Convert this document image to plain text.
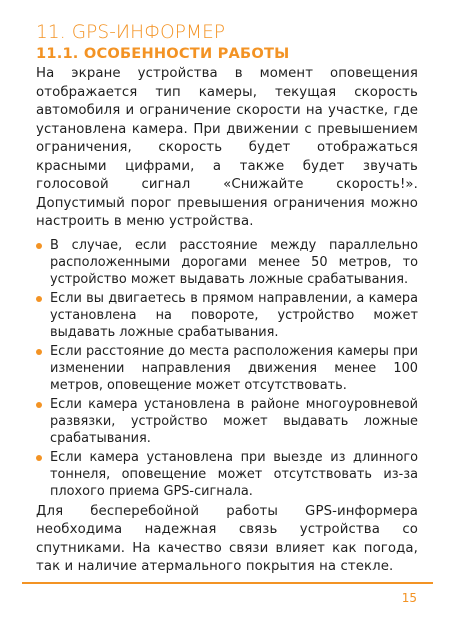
11. GPS-ИНФОРМЕР
11.1. ОСОБЕННОСТИ РАБОТЫ

На экране устройства в момент оповещения отображается тип камеры, текущая скорость автомобиля и ограничение скорости на участке, где установлена камера. При движении с превышением ограничения, скорость будет отображаться красными цифрами, а также будет звучать голосовой сигнал «Снижайте скорость!». Допустимый порог превышения ограничения можно настроить в меню устройства.

В случае, если расстояние между параллельно расположенными дорогами менее 50 метров, то устройство может выдавать ложные срабатывания.
Если вы двигаетесь в прямом направлении, а камера установлена на повороте, устройство может выдавать ложные срабатывания.
Если расстояние до места расположения камеры при изменении направления движения менее 100 метров, оповещение может отсутствовать.
Если камера установлена в районе многоуровневой развязки, устройство может выдавать ложные срабатывания.
Если камера установлена при выезде из длинного тоннеля, оповещение может отсутствовать из-за плохого приема GPS-сигнала.

Для бесперебойной работы GPS-информера необходима надежная связь устройства со спутниками. На качество связи влияет как погода, так и наличие атермального покрытия на стекле.

15
